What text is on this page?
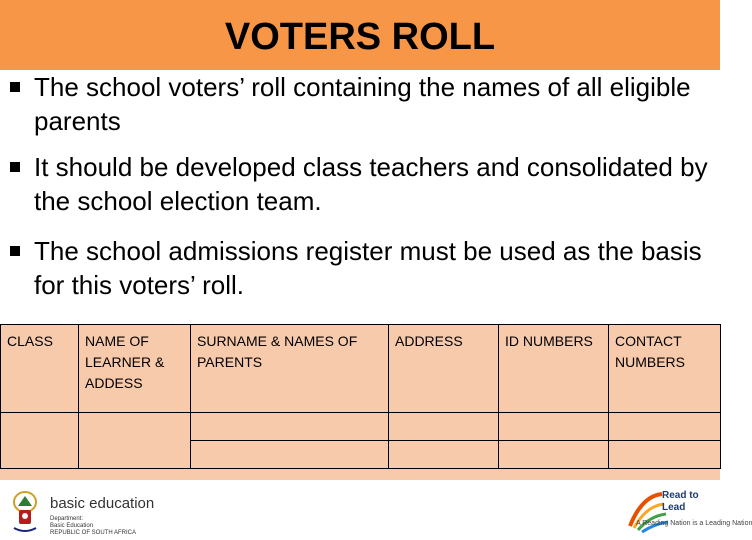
VOTERS ROLL
The school voters’ roll containing the names of all eligible parents
It should be developed class teachers and consolidated by the school election team.
The school admissions register must be used as the basis for this voters’ roll.
CLASS	NAME OF LEARNER & ADDESS	SURNAME & NAMES OF PARENTS	ADDRESS	ID NUMBERS	CONTACT NUMBERS

basic education
Department:
Basic Education
REPUBLIC OF SOUTH AFRICA
Read to Lead
A Reading Nation is a Leading Nation
